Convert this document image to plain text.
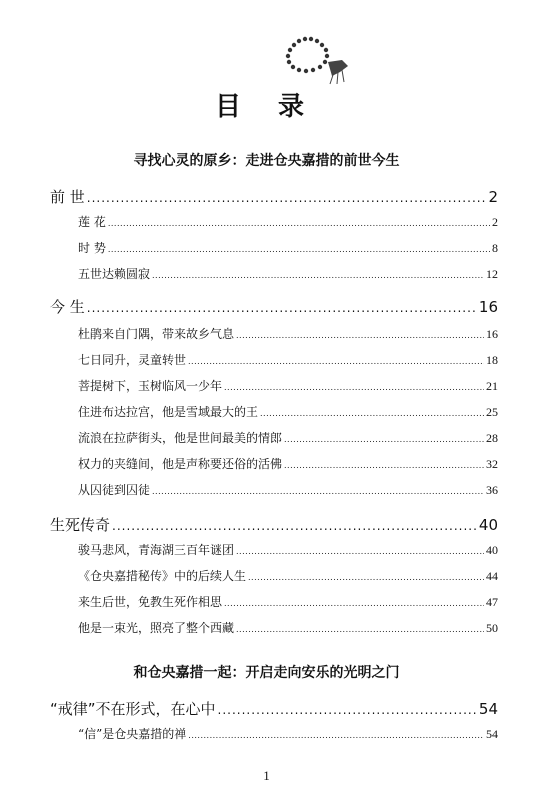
目 录
寻找心灵的原乡：走进仓央嘉措的前世今生
前 世 .....	2
莲 花 .....	2
时 势 .....	8
五世达赖圆寂 .....	12
今 生 .....	16
杜鹃来自门隅，带来故乡气息 .....	16
七日同升，灵童转世 .....	18
菩提树下，玉树临风一少年 .....	21
住进布达拉宫，他是雪域最大的王 .....	25
流浪在拉萨街头，他是世间最美的情郎 .....	28
权力的夹缝间，他是声称要还俗的活佛 .....	32
从囚徒到囚徒 .....	36
生死传奇 .....	40
骏马悲风，青海湖三百年谜团 .....	40
《仓央嘉措秘传》中的后续人生 .....	44
来生后世，免教生死作相思 .....	47
他是一束光，照亮了整个西藏 .....	50
和仓央嘉措一起：开启走向安乐的光明之门
“戒律”不在形式，在心中 .....	54
“信”是仓央嘉措的禅 .....	54
1
